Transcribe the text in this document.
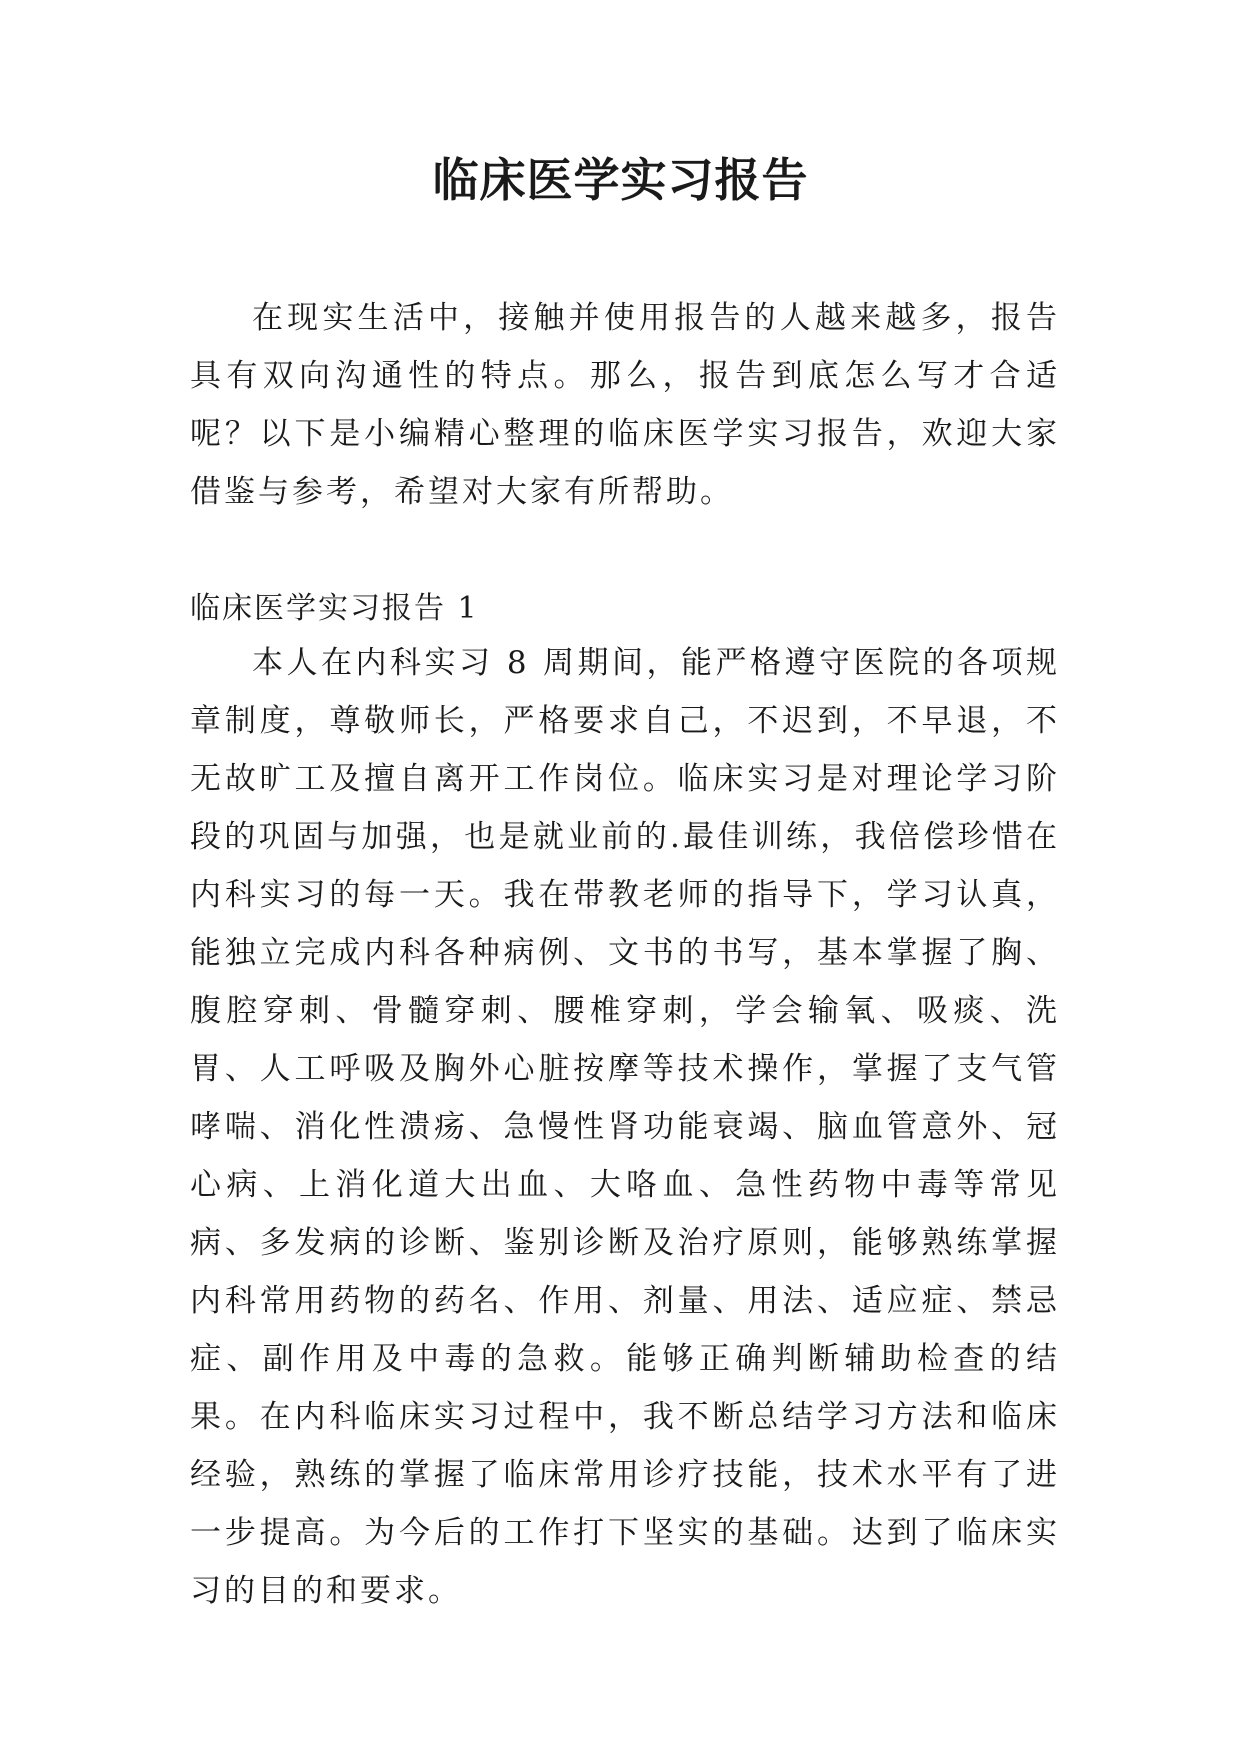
临床医学实习报告

在现实生活中，接触并使用报告的人越来越多，报告具有双向沟通性的特点。那么，报告到底怎么写才合适呢？以下是小编精心整理的临床医学实习报告，欢迎大家借鉴与参考，希望对大家有所帮助。

临床医学实习报告 1

本人在内科实习 8 周期间，能严格遵守医院的各项规章制度，尊敬师长，严格要求自己，不迟到，不早退，不无故旷工及擅自离开工作岗位。临床实习是对理论学习阶段的巩固与加强，也是就业前的.最佳训练，我倍偿珍惜在内科实习的每一天。我在带教老师的指导下，学习认真，能独立完成内科各种病例、文书的书写，基本掌握了胸、腹腔穿刺、骨髓穿刺、腰椎穿刺，学会输氧、吸痰、洗胃、人工呼吸及胸外心脏按摩等技术操作，掌握了支气管哮喘、消化性溃疡、急慢性肾功能衰竭、脑血管意外、冠心病、上消化道大出血、大咯血、急性药物中毒等常见病、多发病的诊断、鉴别诊断及治疗原则，能够熟练掌握内科常用药物的药名、作用、剂量、用法、适应症、禁忌症、副作用及中毒的急救。能够正确判断辅助检查的结果。在内科临床实习过程中，我不断总结学习方法和临床经验，熟练的掌握了临床常用诊疗技能，技术水平有了进一步提高。为今后的工作打下坚实的基础。达到了临床实习的目的和要求。
